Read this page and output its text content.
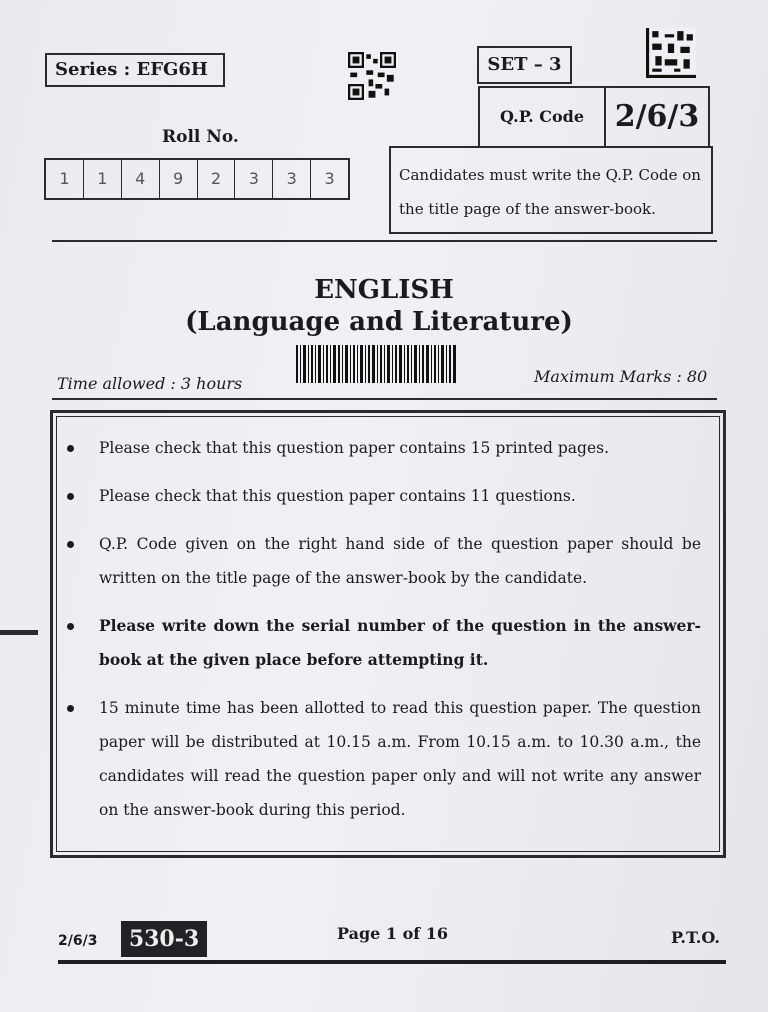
Series : EFG6H	SET – 3
Q.P. Code	2/6/3
Roll No.
1	1	4	9	2	3	3	3	Candidates must write the Q.P. Code on the title page of the answer-book.
ENGLISH
(Language and Literature)
Time allowed : 3 hours	Maximum Marks : 80
Please check that this question paper contains 15 printed pages.
Please check that this question paper contains 11 questions.
Q.P. Code given on the right hand side of the question paper should be written on the title page of the answer-book by the candidate.
Please write down the serial number of the question in the answer-book at the given place before attempting it.
15 minute time has been allotted to read this question paper. The question paper will be distributed at 10.15 a.m. From 10.15 a.m. to 10.30 a.m., the candidates will read the question paper only and will not write any answer on the answer-book during this period.
2/6/3	530-3	Page 1 of 16	P.T.O.
